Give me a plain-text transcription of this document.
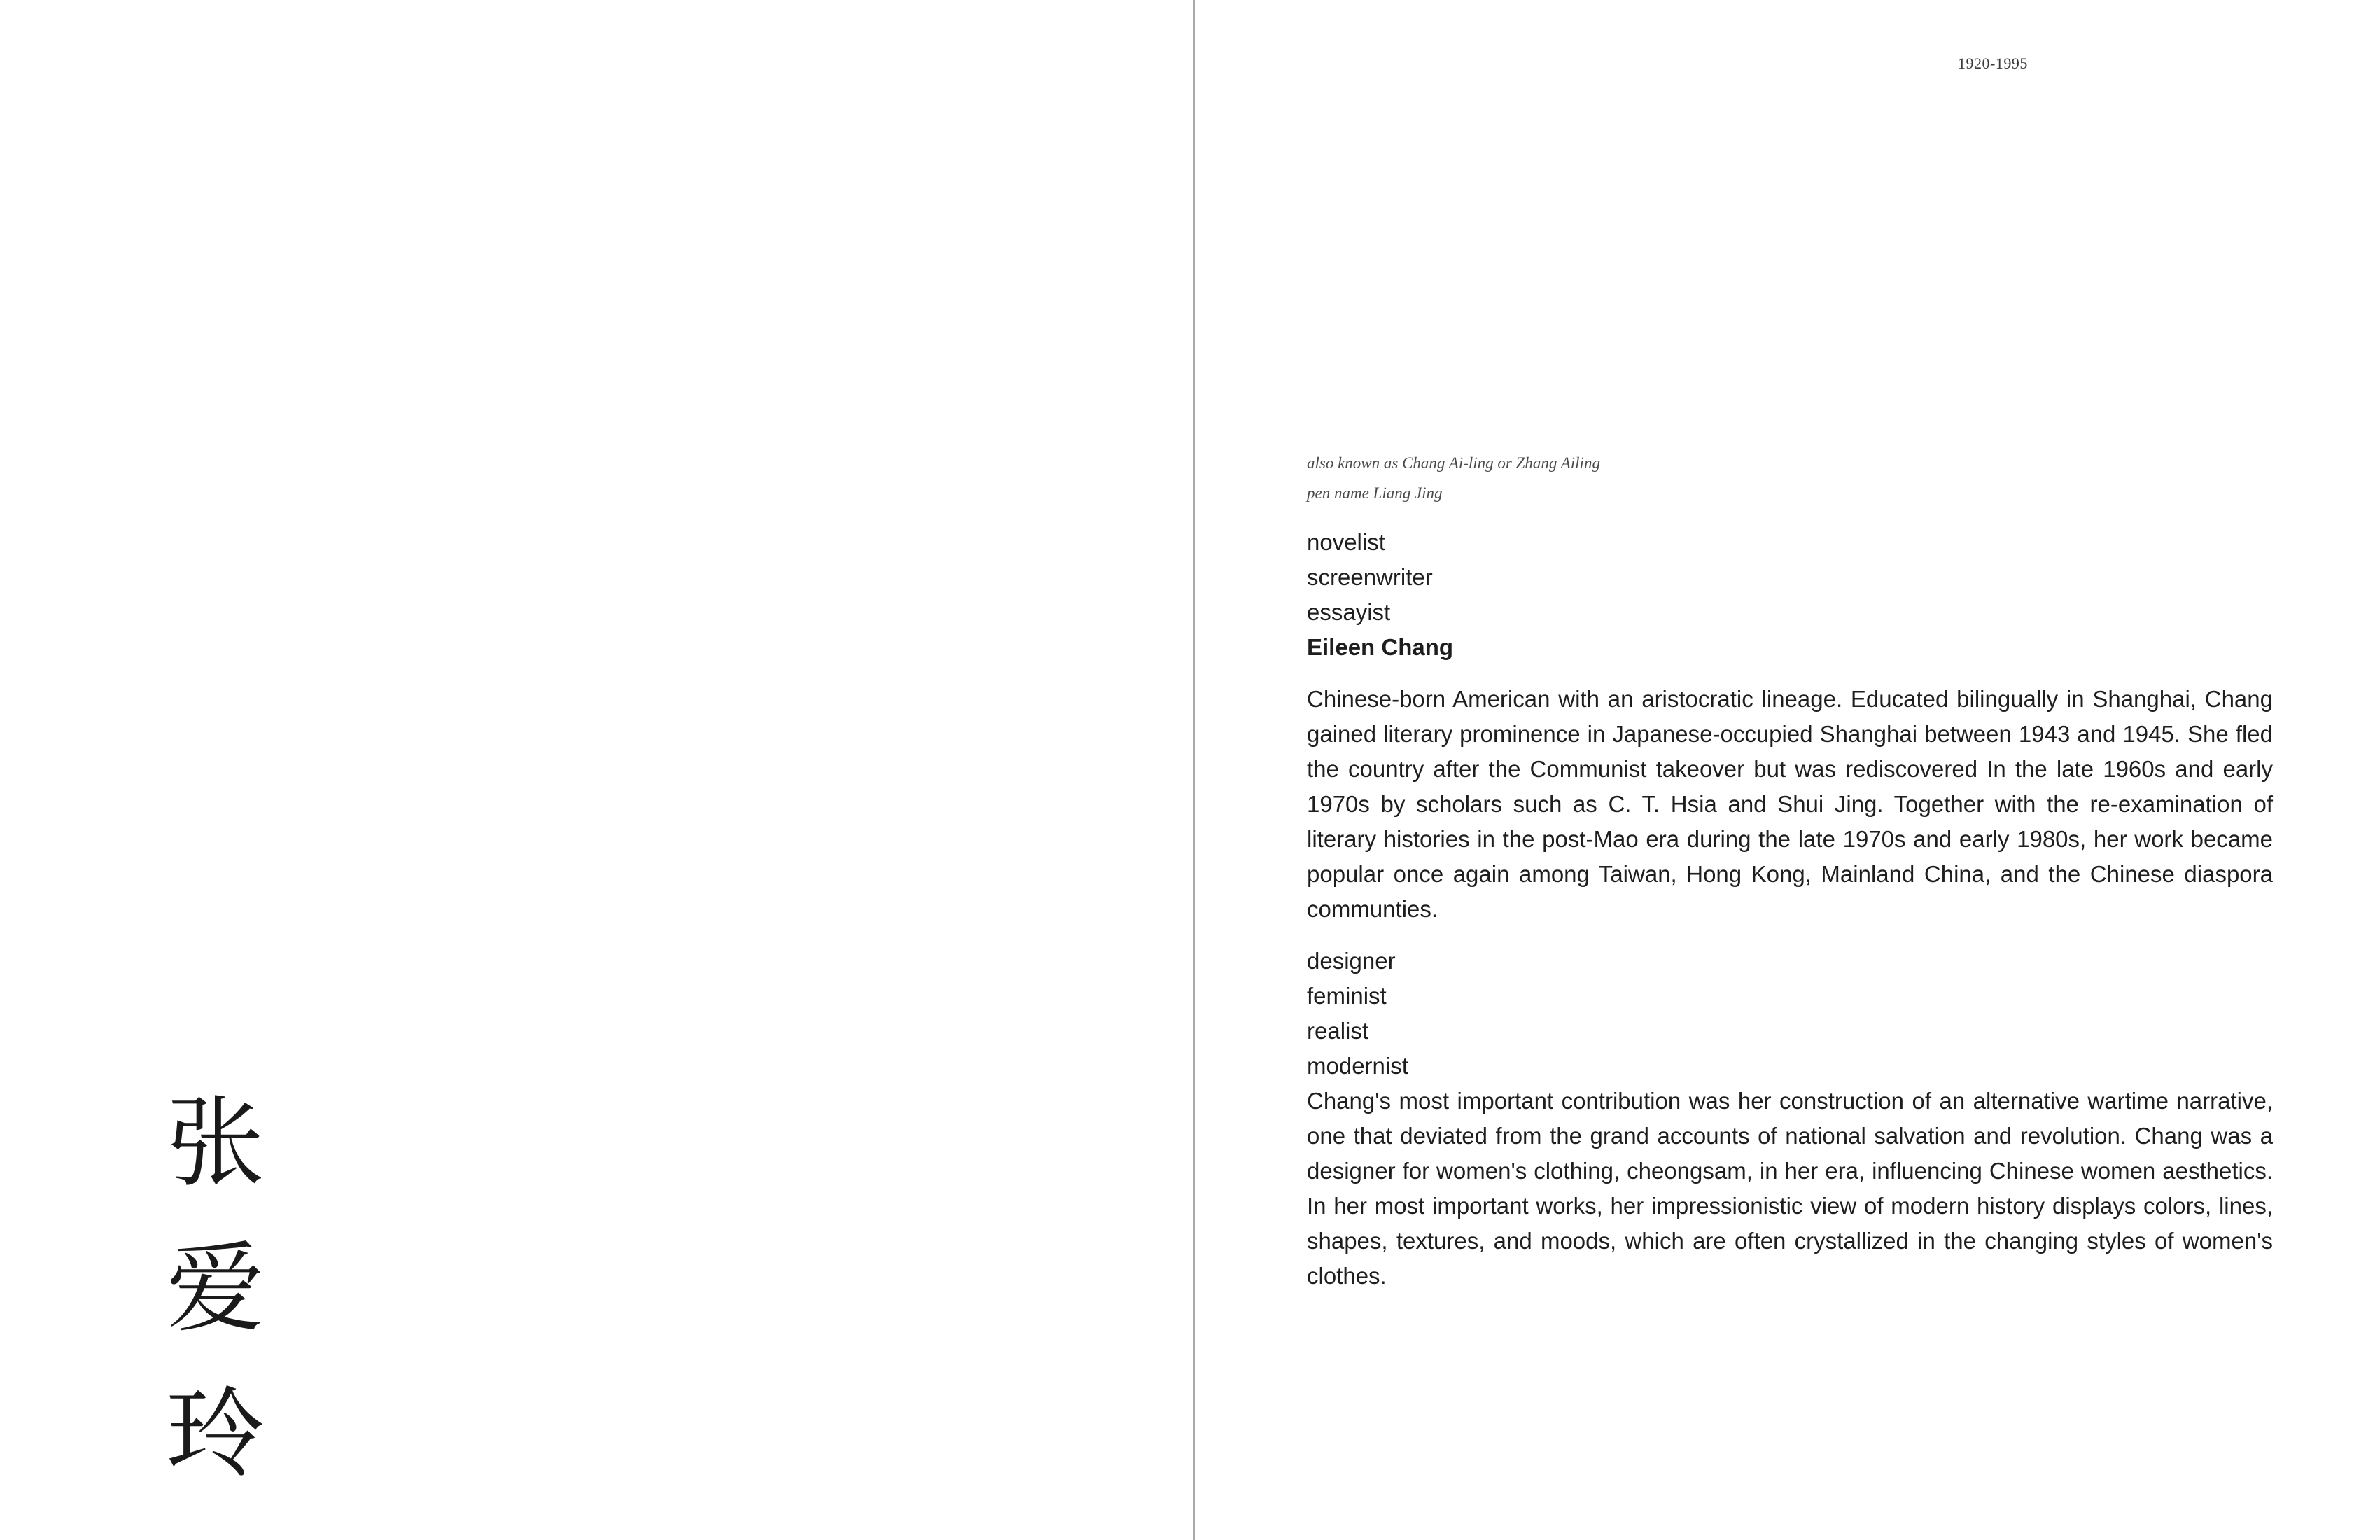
张
爱
玲
1920-1995
also known as Chang Ai-ling or Zhang Ailing
pen name Liang Jing
novelist
screenwriter
essayist
Eileen Chang
Chinese-born American with an aristocratic lineage. Educated bilingually in Shanghai, Chang gained literary prominence in Japanese-occupied Shanghai between 1943 and 1945. She fled the country after the Communist takeover but was rediscovered In the late 1960s and early 1970s by scholars such as C. T. Hsia and Shui Jing. Together with the re-examination of literary histories in the post-Mao era during the late 1970s and early 1980s, her work became popular once again among Taiwan, Hong Kong, Mainland China, and the Chinese diaspora communties.
designer
feminist
realist
modernist
Chang's most important contribution was her construction of an alternative wartime narrative, one that deviated from the grand accounts of national salvation and revolution. Chang was a designer for women's clothing, cheongsam, in her era, influencing Chinese women aesthetics. In her most important works, her impressionistic view of modern history displays colors, lines, shapes, textures, and moods, which are often crystallized in the changing styles of women's clothes.
